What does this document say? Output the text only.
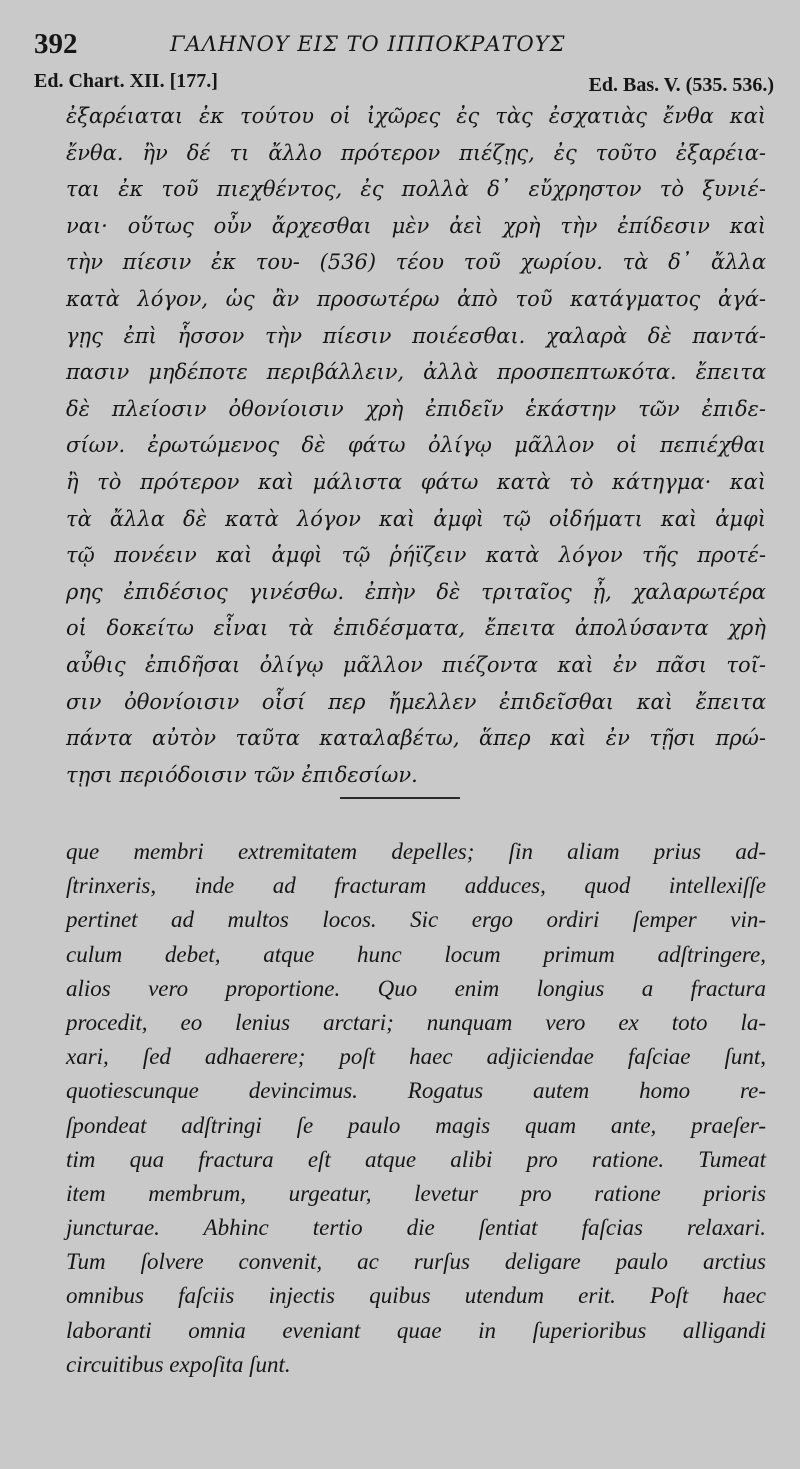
392	ΓΑΛΗΝΟΥ ΕΙΣ ΤΟ ΙΠΠΟΚΡΑΤΟΥΣ
Ed. Chart. XII. [177.]	Ed. Bas. V. (535. 536.)
ἐξαρέιαται ἐκ τούτου οἱ ἰχῶρες ἐς τὰς ἐσχατιὰς ἔνθα καὶ
ἔνθα. ἢν δέ τι ἄλλο πρότερον πιέζῃς, ἐς τοῦτο ἐξαρέια-
ται ἐκ τοῦ πιεχθέντος, ἐς πολλὰ δ᾽ εὔχρηστον τὸ ξυνιέ-
ναι· οὕτως οὖν ἄρχεσθαι μὲν ἀεὶ χρὴ τὴν ἐπίδεσιν καὶ
τὴν πίεσιν ἐκ του- (536) τέου τοῦ χωρίου. τὰ δ᾽ ἄλλα
κατὰ λόγον, ὡς ἂν προσωτέρω ἀπὸ τοῦ κατάγματος ἀγά-
γῃς ἐπὶ ἧσσον τὴν πίεσιν ποιέεσθαι. χαλαρὰ δὲ παντά-
πασιν μηδέποτε περιβάλλειν, ἀλλὰ προσπεπτωκότα. ἔπειτα
δὲ πλείοσιν ὀθονίοισιν χρὴ ἐπιδεῖν ἑκάστην τῶν ἐπιδε-
σίων. ἐρωτώμενος δὲ φάτω ὀλίγῳ μᾶλλον οἱ πεπιέχθαι
ἢ τὸ πρότερον καὶ μάλιστα φάτω κατὰ τὸ κάτηγμα· καὶ
τὰ ἄλλα δὲ κατὰ λόγον καὶ ἀμφὶ τῷ οἰδήματι καὶ ἀμφὶ
τῷ πονέειν καὶ ἀμφὶ τῷ ῥήϊζειν κατὰ λόγον τῆς προτέ-
ρης ἐπιδέσιος γινέσθω. ἐπὴν δὲ τριταῖος ᾖ, χαλαρωτέρα
οἱ δοκείτω εἶναι τὰ ἐπιδέσματα, ἔπειτα ἀπολύσαντα χρὴ
αὖθις ἐπιδῆσαι ὀλίγῳ μᾶλλον πιέζοντα καὶ ἐν πᾶσι τοῖ-
σιν ὀθονίοισιν οἷσί περ ἤμελλεν ἐπιδεῖσθαι καὶ ἔπειτα
πάντα αὐτὸν ταῦτα καταλαβέτω, ἅπερ καὶ ἐν τῇσι πρώ-
τῃσι περιόδοισιν τῶν ἐπιδεσίων.
que membri extremitatem depelles; ſin aliam prius ad-
ſtrinxeris, inde ad fracturam adduces, quod intellexiſſe
pertinet ad multos locos. Sic ergo ordiri ſemper vin-
culum debet, atque hunc locum primum adſtringere,
alios vero proportione. Quo enim longius a fractura
procedit, eo lenius arctari; nunquam vero ex toto la-
xari, ſed adhaerere; poſt haec adjiciendae faſciae ſunt,
quotiescunque devincimus. Rogatus autem homo re-
ſpondeat adſtringi ſe paulo magis quam ante, praeſer-
tim qua fractura eſt atque alibi pro ratione. Tumeat
item membrum, urgeatur, levetur pro ratione prioris
juncturae. Abhinc tertio die ſentiat faſcias relaxari.
Tum ſolvere convenit, ac rurſus deligare paulo arctius
omnibus faſciis injectis quibus utendum erit. Poſt haec
laboranti omnia eveniant quae in ſuperioribus alligandi
circuitibus expoſita ſunt.
